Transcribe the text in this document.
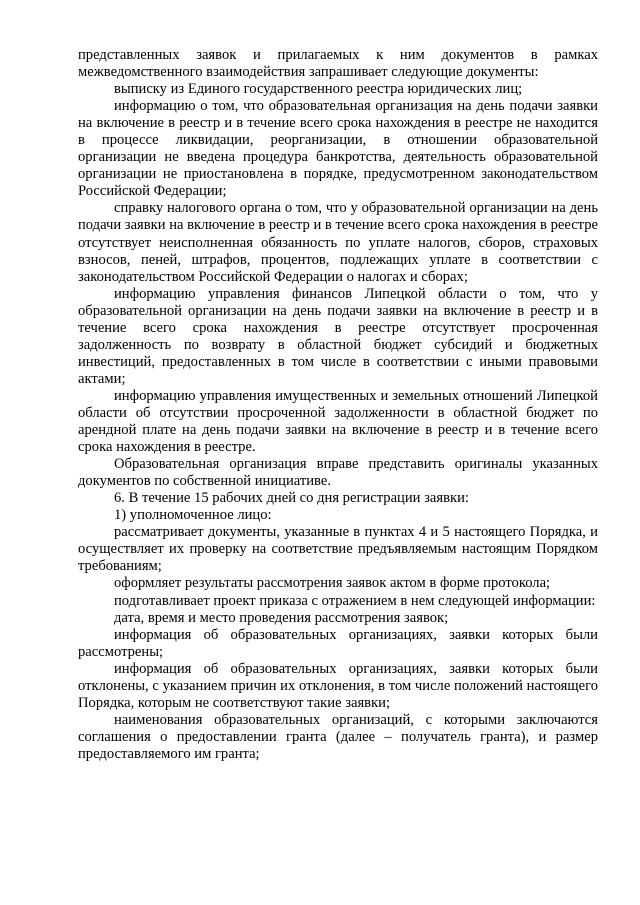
представленных заявок и прилагаемых к ним документов в рамках межведомственного взаимодействия запрашивает следующие документы:

выписку из Единого государственного реестра юридических лиц;

информацию о том, что образовательная организация на день подачи заявки на включение в реестр и в течение всего срока нахождения в реестре не находится в процессе ликвидации, реорганизации, в отношении образовательной организации не введена процедура банкротства, деятельность образовательной организации не приостановлена в порядке, предусмотренном законодательством Российской Федерации;

справку налогового органа о том, что у образовательной организации на день подачи заявки на включение в реестр и в течение всего срока нахождения в реестре отсутствует неисполненная обязанность по уплате налогов, сборов, страховых взносов, пеней, штрафов, процентов, подлежащих уплате в соответствии с законодательством Российской Федерации о налогах и сборах;

информацию управления финансов Липецкой области о том, что у образовательной организации на день подачи заявки на включение в реестр и в течение всего срока нахождения в реестре отсутствует просроченная задолженность по возврату в областной бюджет субсидий и бюджетных инвестиций, предоставленных в том числе в соответствии с иными правовыми актами;

информацию управления имущественных и земельных отношений Липецкой области об отсутствии просроченной задолженности в областной бюджет по арендной плате на день подачи заявки на включение в реестр и в течение всего срока нахождения в реестре.

Образовательная организация вправе представить оригиналы указанных документов по собственной инициативе.

6. В течение 15 рабочих дней со дня регистрации заявки:

1) уполномоченное лицо:

рассматривает документы, указанные в пунктах 4 и 5 настоящего Порядка, и осуществляет их проверку на соответствие предъявляемым настоящим Порядком требованиям;

оформляет результаты рассмотрения заявок актом в форме протокола;

подготавливает проект приказа с отражением в нем следующей информации:

дата, время и место проведения рассмотрения заявок;

информация об образовательных организациях, заявки которых были рассмотрены;

информация об образовательных организациях, заявки которых были отклонены, с указанием причин их отклонения, в том числе положений настоящего Порядка, которым не соответствуют такие заявки;

наименования образовательных организаций, с которыми заключаются соглашения о предоставлении гранта (далее – получатель гранта), и размер предоставляемого им гранта;
